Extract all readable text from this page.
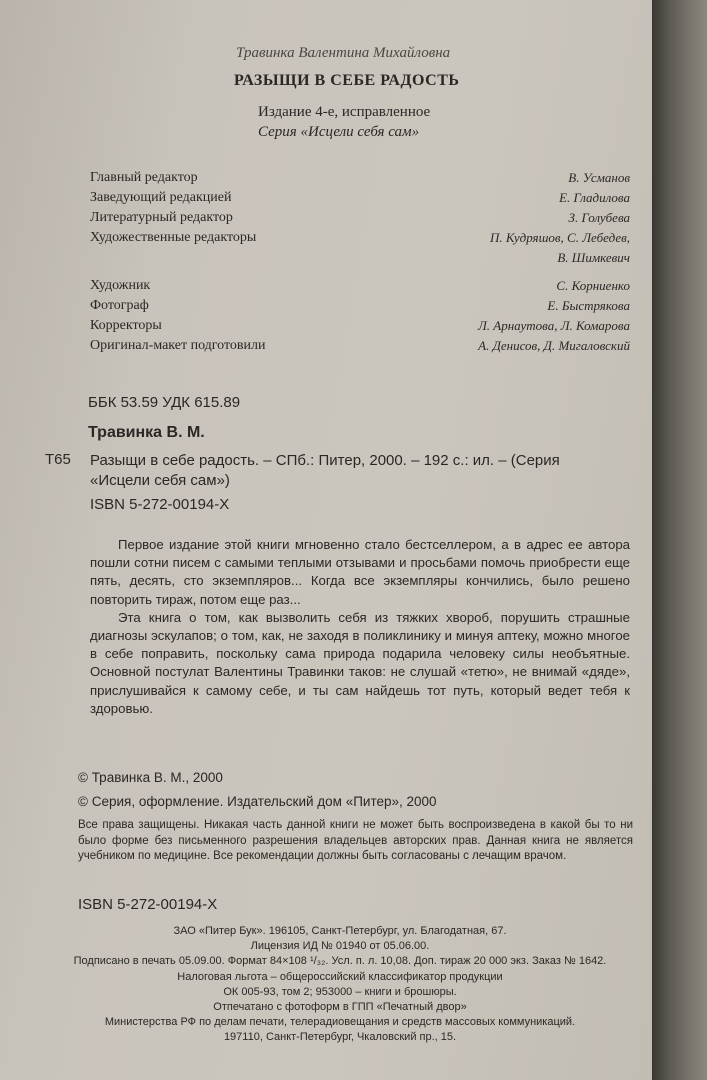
Травинка Валентина Михайловна
РАЗЫЩИ В СЕБЕ РАДОСТЬ
Издание 4-е, исправленное
Серия «Исцели себя сам»
Главный редактор	В. Усманов
Заведующий редакцией	Е. Гладилова
Литературный редактор	З. Голубева
Художественные редакторы	П. Кудряшов, С. Лебедев,
В. Шимкевич
Художник	С. Корниенко
Фотограф	Е. Быстрякова
Корректоры	Л. Арнаутова, Л. Комарова
Оригинал-макет подготовили	А. Денисов, Д. Мигаловский
ББК 53.59 УДК 615.89
Травинка В. М.
Т65 Разыщи в себе радость. – СПб.: Питер, 2000. – 192 с.: ил. – (Серия
«Исцели себя сам»)
ISBN 5-272-00194-X

Первое издание этой книги мгновенно стало бестселлером, а в адрес ее автора пошли сотни писем с самыми теплыми отзывами и просьбами помочь приобрести еще пять, десять, сто экземпляров... Когда все экземпляры кончились, было решено повторить тираж, потом еще раз...

Эта книга о том, как вызволить себя из тяжких хвороб, порушить страшные диагнозы эскулапов; о том, как, не заходя в поликлинику и минуя аптеку, можно многое в себе поправить, поскольку сама природа подарила человеку силы необъятные. Основной постулат Валентины Травинки таков: не слушай «тетю», не внимай «дяде», прислушивайся к самому себе, и ты сам найдешь тот путь, который ведет тебя к здоровью.

© Травинка В. М., 2000
© Серия, оформление. Издательский дом «Питер», 2000
Все права защищены. Никакая часть данной книги не может быть воспроизведена в какой бы то ни было форме без письменного разрешения владельцев авторских прав. Данная книга не является учебником по медицине. Все рекомендации должны быть согласованы с лечащим врачом.
ISBN 5-272-00194-X
ЗАО «Питер Бук». 196105, Санкт-Петербург, ул. Благодатная, 67.
Лицензия ИД № 01940 от 05.06.00.
Подписано в печать 05.09.00. Формат 84×108 ¹/₃₂. Усл. п. л. 10,08. Доп. тираж 20 000 экз. Заказ № 1642.
Налоговая льгота – общероссийский классификатор продукции
ОК 005-93, том 2; 953000 – книги и брошюры.
Отпечатано с фотоформ в ГПП «Печатный двор»
Министерства РФ по делам печати, телерадиовещания и средств массовых коммуникаций.
197110, Санкт-Петербург, Чкаловский пр., 15.
